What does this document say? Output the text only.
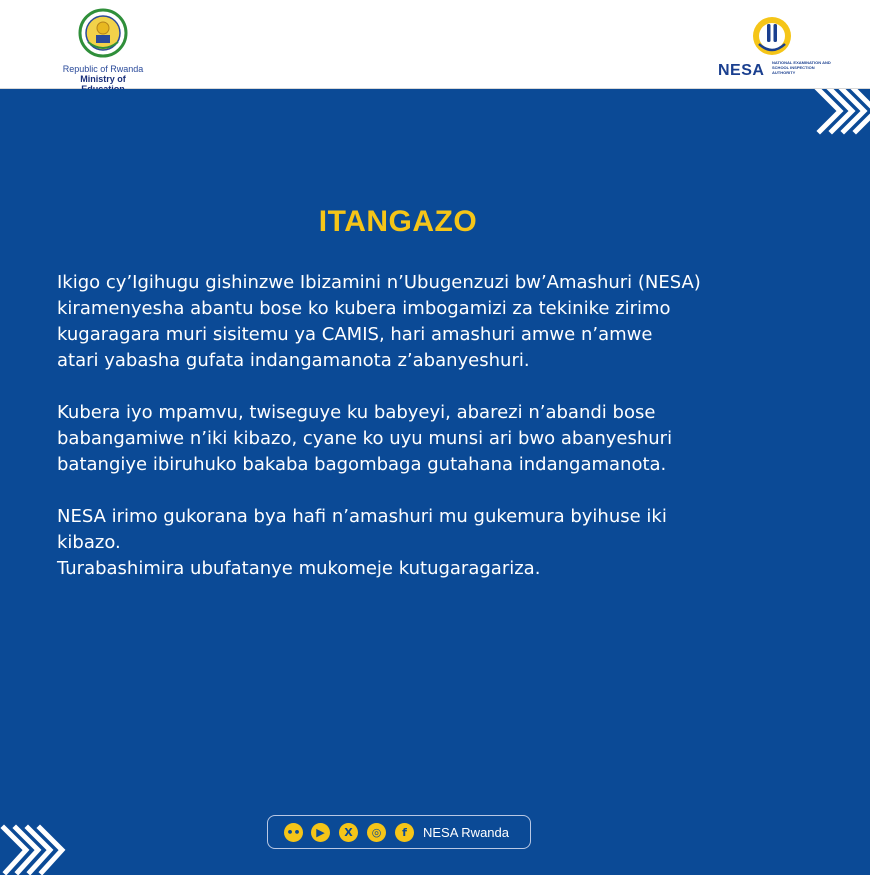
Republic of Rwanda
Ministry of	NESA NATIONAL EXAMINATION AND SCHOOL INSPECTION AUTHORITY
ITANGAZO

Ikigo cy’Igihugu gishinzwe Ibizamini n’Ubugenzuzi bw’Amashuri (NESA)
kiramenyesha abantu bose ko kubera imbogamizi za tekinike zirimo
kugaragara muri sisitemu ya CAMIS, hari amashuri amwe n’amwe
atari yabasha gufata indangamanota z’abanyeshuri.

Kubera iyo mpamvu, twiseguye ku babyeyi, abarezi n’abandi bose
babangamiwe n’iki kibazo, cyane ko uyu munsi ari bwo abanyeshuri
batangiye ibiruhuko bakaba bagombaga gutahana indangamanota.

NESA irimo gukorana bya hafi n’amashuri mu gukemura byihuse iki
kibazo.

Turabashimira ubufatanye mukomeje kutugaragariza.

••	▶	X	◎	f	NESA Rwanda
